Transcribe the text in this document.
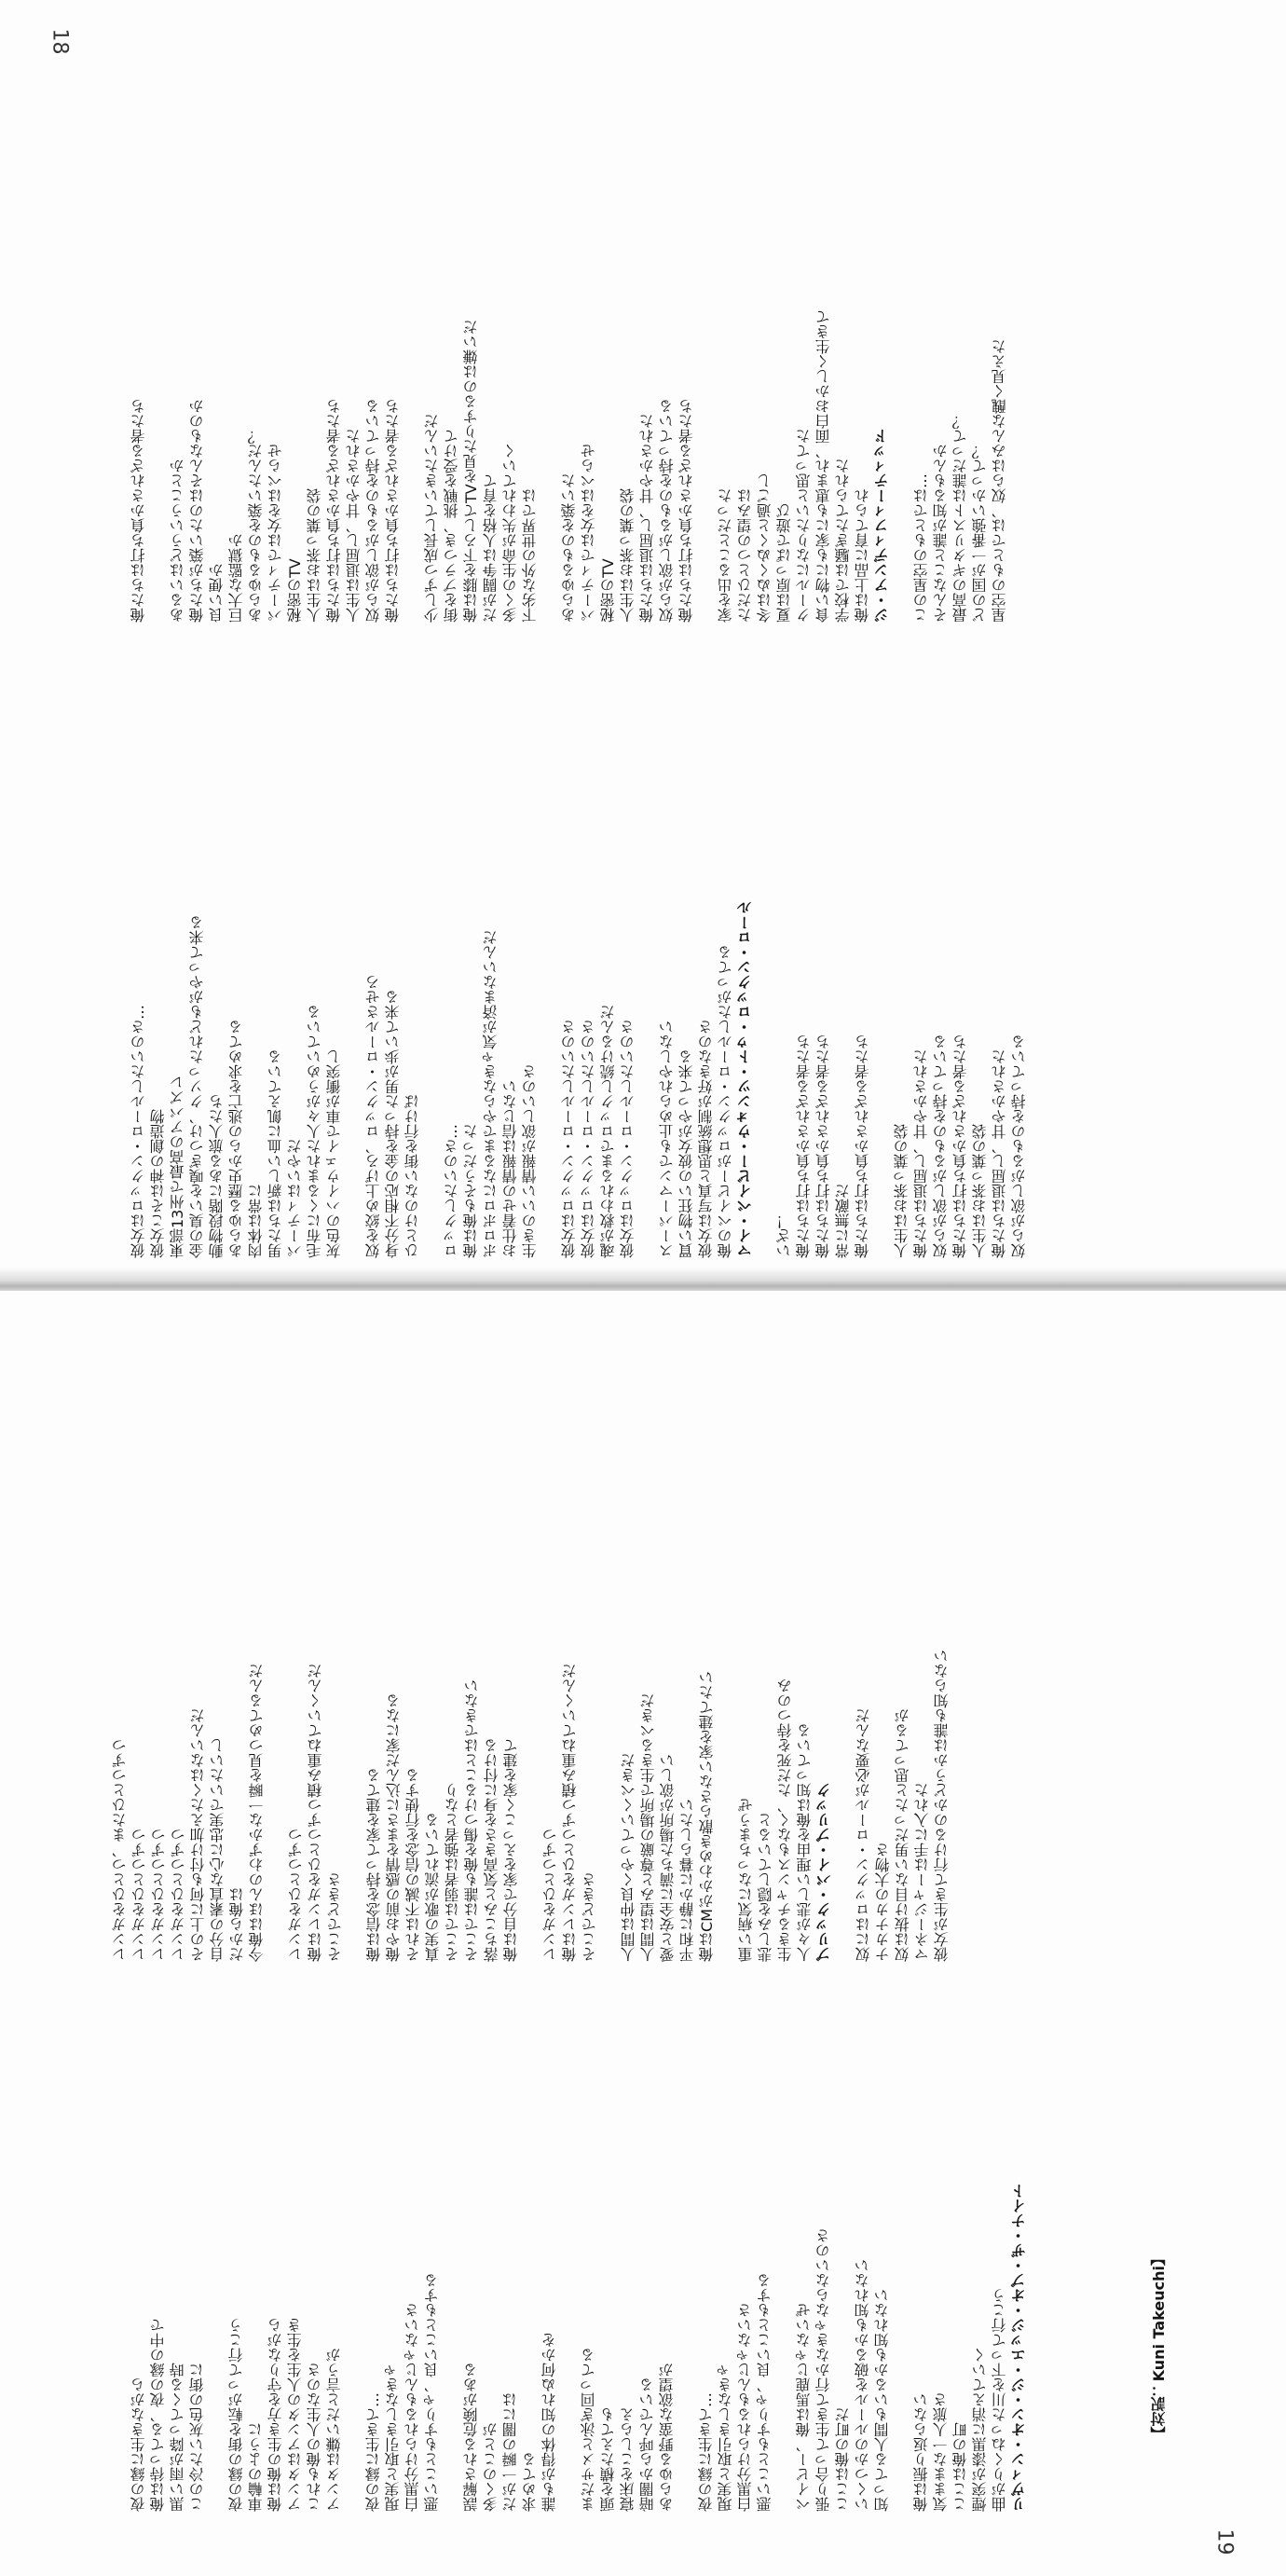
18
星空のもとでは、奴らはみんな醜く見えた
どの国が一番強いかって？
最高のギタリストは誰だって？
そんなこと誰が知るもんか
この星空のもとでは…

ジ・アンディフィーティッド
俺は上品に育てられ
学校では騒ぎたてられた
食い物にも家にも恵まれ、面白おかしく生きて
クールになりたいと思ってた
夏は原っぱで遊び
冬はぬくぬくと過ごし
ただひとつの望みは
家を出ることだった

俺たちは打ち負かされざる者たち
奴らが欲しがるものを持っている
俺たちは退屈し、甘やかされた
人生はお茶っ葉の袋
秘密のTV
パーティでは女をはべらせ
あらゆるものを築いた

下劣な外の世界では
多くの生命が失われていく
だが闘争は人格を育て
俺は膝を下ろしてTVを見たりするのは嫌いだ
街をブラつき、挑戦を受けて
少しずつ成長していきたいんだ

俺たちは打ち負かされざる者たち
奴らが欲しがるものを持っている
人生は退屈し、甘やかされた
俺たちは打ち負かされざる者たち
人生はお茶っ葉の袋
秘密のTV
パーティでは女をはべらせ
あらゆるものを築いたんだ？
巨大な監獄か
良い便か
俺たちが築いたのはそんなものか
あるいはどういうことか

俺たちは打ち負かされざる者たち
奴らが欲しがるものを持っている
俺たちは退屈し、甘やかされた
人生はお茶っ葉の袋
俺たちは打ち負かされざる者たち
奴らが欲しがるものを持っている
俺たちは退屈し、甘やかされた
人生はお茶っ葉の袋

俺たちは打ち負かされざる者たち
常に無敵だ
俺たちは打ち負かされざる者たち
俺たちは打ち負かされざる者たち
いざ！

マイ・ベイビー・ウォンツ・トゥ・ロックン・ロール
俺のベイビーがロックン・ロールしたがってる
彼女は写真と思想統制が好きなのさ
買い物狂いの彼女がやって来る
スーパーマンでも止められやしない

彼女はロックン・ロールしたいのさ
魂が救われるまでロックし続けるんだ
彼女はロックン・ロールしたいのさ
彼女はロックン・ロールしたいのさ

生きのいい情報が欲しいのさ
お仕着せの情報は信じない
ボロボロになるまでやらなきゃ気が済まないんだ
俺は俺もそうだった
ロックしたいのさ…

ひとけのない街を行けば
身分不相応の金を持った男が歩いて来る
奴を絞め上げろ、ロックン・ロールさせろ

灰色のハイウェイで車が衝突し
毛布にくるまれた人々がうめいている
パーティはいやだ
男たちは新しい血に飢えている
肉体は常に
あらゆる歴史からの逃亡を求めてる
動物段階にある旅人たち
金の臭いを嗅ぎつけ、クソったれどもがやって来る
東部13州で最高のアバズレ
彼女こそは神の創造物
彼女はロックン・ロールしたいのさ…
彼女が生きて行けるのかどうかは誰も知らない
マネージャーは手に入れた
奴は抜け目ない男だったと思ってるが
ナカナカの大物さ
奴にはロックン・ロールが必要なんだ

ブリック・バイ・ブリック
人々が悲しい理由を俺は知っている
生きるチャンスもなく、ただ死を待つのみ
悲しみを隠していると
重い病気になっちまうぜ

俺はCMがかわめき散らさない家を建てたい
平和に静かに暮らしたい
愛と安全に満ちた場所が欲しい
人間は望みと尊厳の場所で生きるべきだ
人間は仲良くやっていくべきだ

そこでどきさ
俺はレンガをひとつずつ積み重ねていくんだ
レンガをひとつずつ

俺は自分で家をえっこく家を建て
落ちこみと気高きさを身に付ける
そこでは誰も俺を傷つけることはできない
そこでは弱者は強者となり
真実の歌が流れている
それは不滅の信念を行使する
俺やお前の感情をまさに込んだ家になる
俺は信念を持って家を建てる

そこでどきさ
俺はレンガをひとつずつ積み重ねていくんだ
レンガをひとつずつ

今俺はほんのわずかな一瞬を見つめてるんだ
だから俺は
自分の素直な心に忠実でいたいし
その上に何も付け加えたくはないんだ
レンガをひとつずつ
レンガをひとつずつ
レンガをひとつずつ
レンガをひとつ、またひとつずつ
リヴィン・オン・ジ・エッジ・オブ・ザ・ナイト
曲がりくねった川を下って行こう
煙突が漆黒に消えていく
ここは俺の町
気ままな一人旅さ
俺は振り返らない

知ってる人間もいるかも知れない
いくつかのルールを破るかも知れない
ここは俺の町だ
張り合って生きて行かなきゃならないのさ
ベイビー、俺は馬鹿じゃないぜ

悪いこともすりゃ、良いこともする
白黒分けられるもんじゃないさ
現実と取引きしなきゃ
夜の縁に生きて…

あらゆる野蛮な欲望が
暗闇から呼んでいる
寝床をこしらえ
頭を横たえても
まだサメと泳ぎ回ってる

誰もが得体の知れぬ何かを
求めてる
だが一瞬の闇には
多くのことが
誤解される危険がある

悪いこともすりゃ、良いこともする
白黒分けられるもんじゃないさ
現実と取引きしなきゃ
夜の縁に生きて…

アンタは嫌いだと言うが
これも俺の人生なのさ
アンタはアンタの人生を生き
俺は俺の生き方を守りながら
車輪のように
夜の縁の街を転がって行こう

この冷たい灰色の街に
黒い雨が降ってくる時
俺は待ってる、夜の縁の中で
夜の縁に生きながら
【対訳：Kuni Takeuchi】
19
